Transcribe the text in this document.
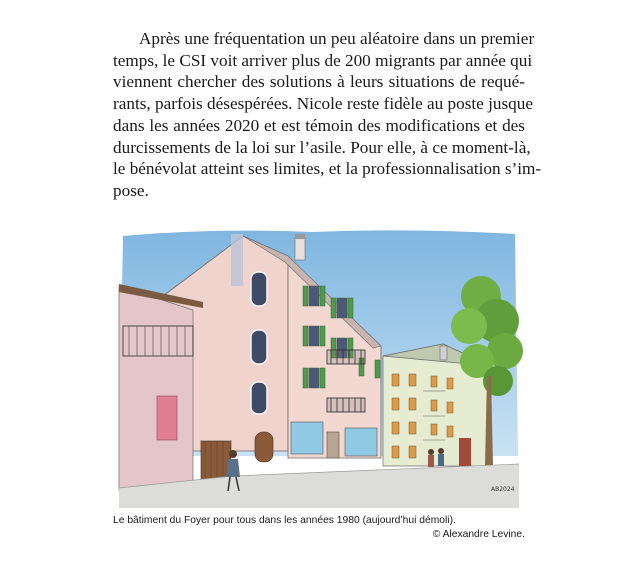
Après une fréquentation un peu aléatoire dans un premier
temps, le CSI voit arriver plus de 200 migrants par année qui
viennent chercher des solutions à leurs situations de requé-
rants, parfois désespérées. Nicole reste fidèle au poste jusque
dans les années 2020 et est témoin des modifications et des
durcissements de la loi sur l’asile. Pour elle, à ce moment-là,
le bénévolat atteint ses limites, et la professionnalisation s’im-
pose.
AB2024
Le bâtiment du Foyer pour tous dans les années 1980 (aujourd’hui démoli).
© Alexandre Levine.
